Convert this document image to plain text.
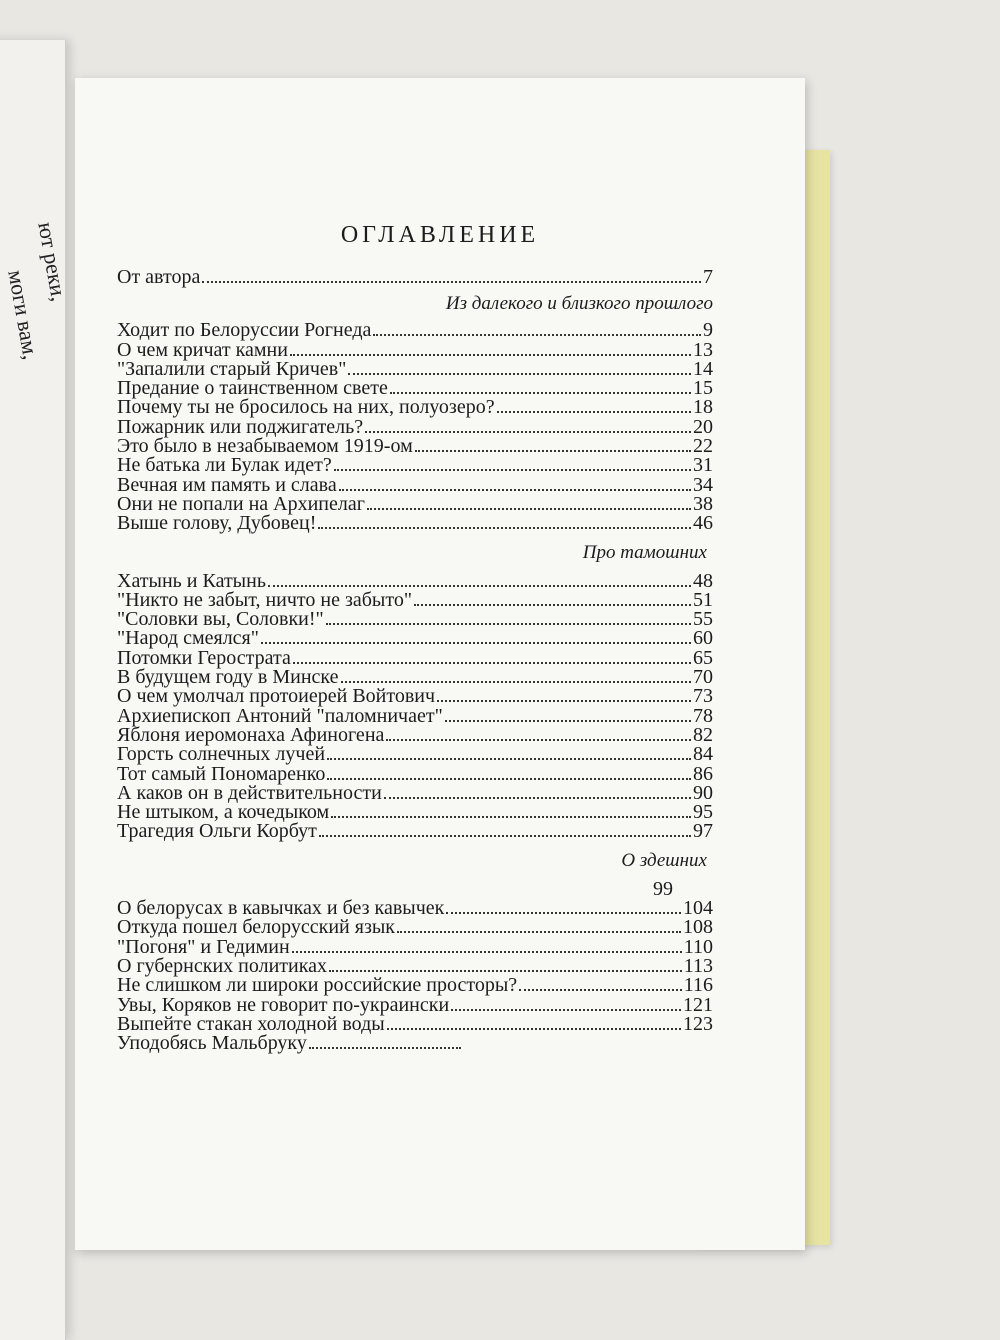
ют реки,
моги вам,
ОГЛАВЛЕНИЕ
От автора	7
Из далекого и близкого прошлого
Ходит по Белоруссии Рогнеда	9
О чем кричат камни	13
"Запалили старый Кричев"	14
Предание о таинственном свете	15
Почему ты не бросилось на них, полуозеро?	18
Пожарник или поджигатель?	20
Это было в незабываемом 1919-ом	22
Не батька ли Булак идет?	31
Вечная им память и слава	34
Они не попали на Архипелаг	38
Выше голову, Дубовец!	46
Про тамошних
Хатынь и Катынь	48
"Никто не забыт, ничто не забыто"	51
"Соловки вы, Соловки!"	55
"Народ смеялся"	60
Потомки Герострата	65
В будущем году в Минске	70
О чем умолчал протоиерей Войтович	73
Архиепископ Антоний "паломничает"	78
Яблоня иеромонаха Афиногена	82
Горсть солнечных лучей	84
Тот самый Пономаренко	86
А каков он в действительности	90
Не штыком, а кочедыком	95
Трагедия Ольги Корбут	97
О здешних
99
О белорусах в кавычках и без кавычек	104
Откуда пошел белорусский язык	108
"Погоня" и Гедимин	110
О губернских политиках	113
Не слишком ли широки российские просторы?	116
Увы, Коряков не говорит по-украински	121
Выпейте стакан холодной воды	123
Уподобясь Мальбруку
